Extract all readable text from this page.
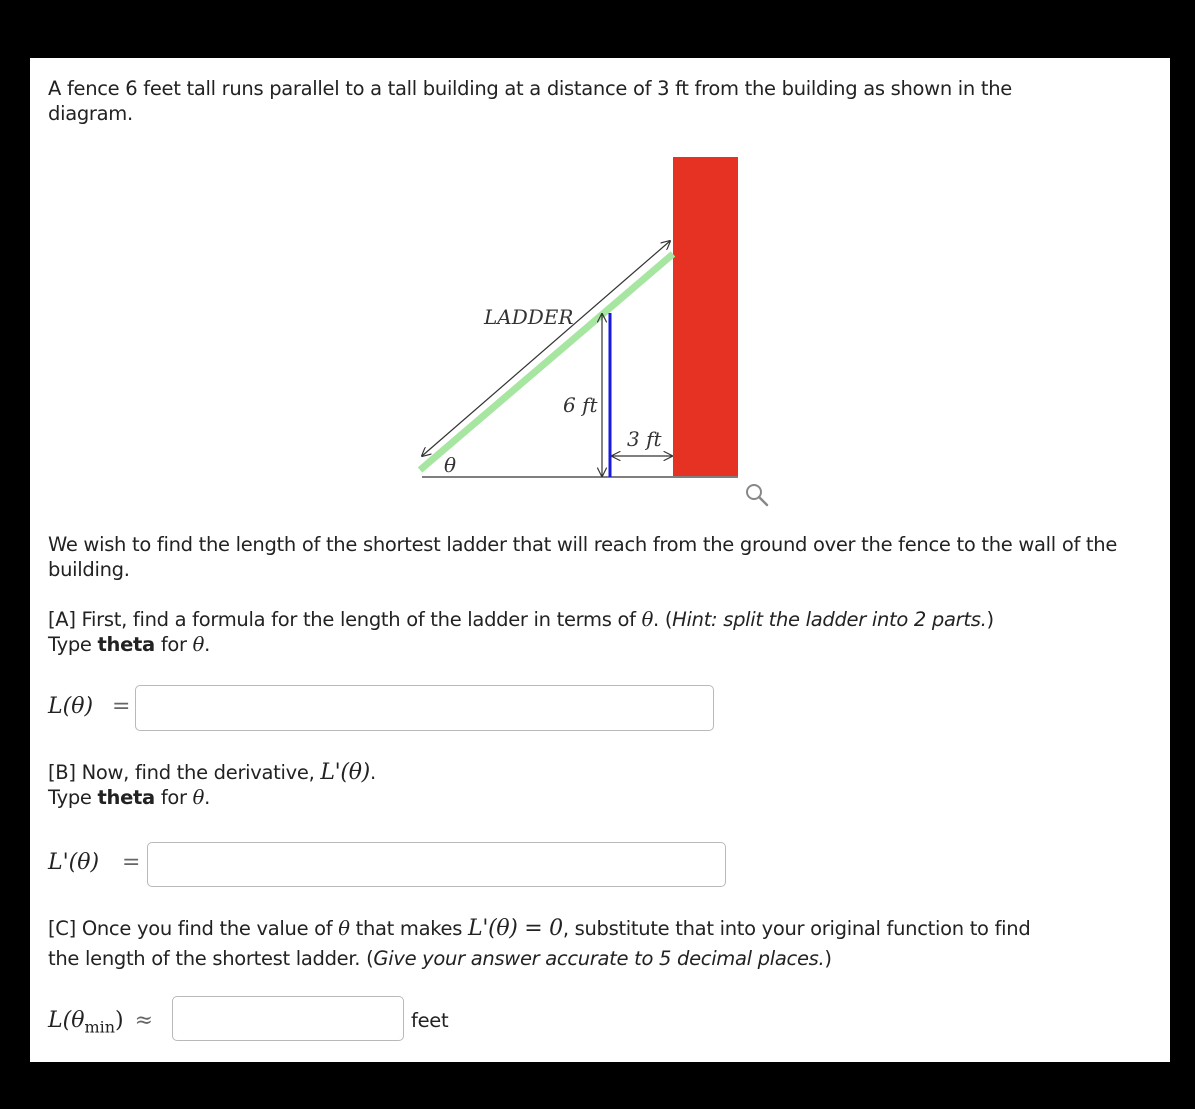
A fence 6 feet tall runs parallel to a tall building at a distance of 3 ft from the building as shown in the diagram.
LADDER
6 ft
3 ft
θ
We wish to find the length of the shortest ladder that will reach from the ground over the fence to the wall of the building.
[A] First, find a formula for the length of the ladder in terms of θ. (Hint: split the ladder into 2 parts.)
Type theta for θ.
L(θ) =
[B] Now, find the derivative, L'(θ).
Type theta for θ.
L'(θ) =
[C] Once you find the value of θ that makes L'(θ) = 0, substitute that into your original function to find
the length of the shortest ladder. (Give your answer accurate to 5 decimal places.)
$L(\theta_{min})$ ≈	feet
